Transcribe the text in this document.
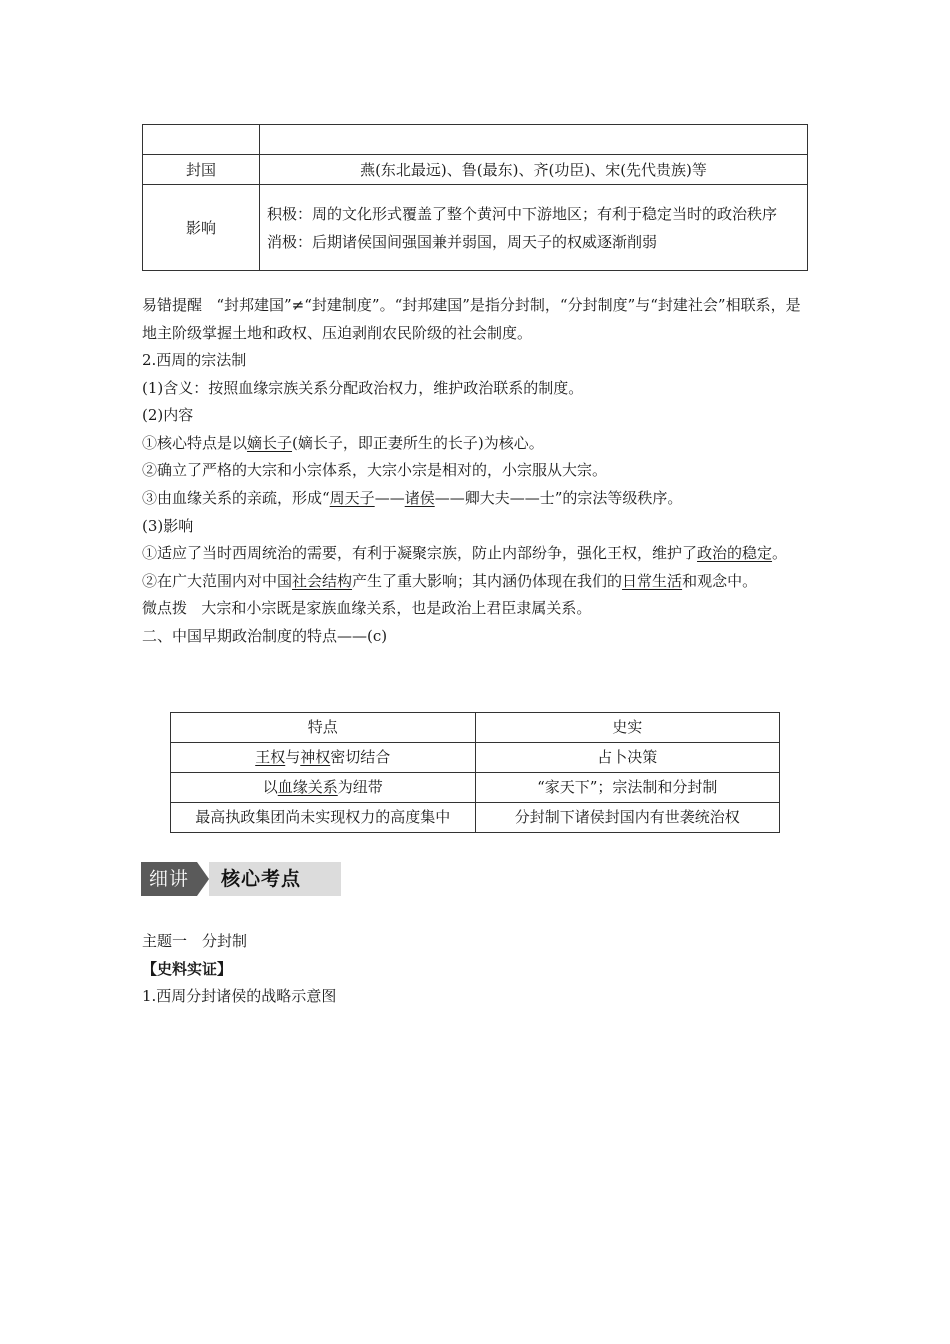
封国	燕(东北最远)、鲁(最东)、齐(功臣)、宋(先代贵族)等
影响	积极：周的文化形式覆盖了整个黄河中下游地区；有利于稳定当时的政治秩序
消极：后期诸侯国间强国兼并弱国，周天子的权威逐渐削弱
易错提醒 “封邦建国”≠“封建制度”。“封邦建国”是指分封制，“分封制度”与“封建社会”相联系，是地主阶级掌握土地和政权、压迫剥削农民阶级的社会制度。
2.西周的宗法制
(1)含义：按照血缘宗族关系分配政治权力，维护政治联系的制度。
(2)内容
①核心特点是以嫡长子(嫡长子，即正妻所生的长子)为核心。
②确立了严格的大宗和小宗体系，大宗小宗是相对的，小宗服从大宗。
③由血缘关系的亲疏，形成“周天子——诸侯——卿大夫——士”的宗法等级秩序。
(3)影响
①适应了当时西周统治的需要，有利于凝聚宗族，防止内部纷争，强化王权，维护了政治的稳定。
②在广大范围内对中国社会结构产生了重大影响；其内涵仍体现在我们的日常生活和观念中。
微点拨 大宗和小宗既是家族血缘关系，也是政治上君臣隶属关系。
二、中国早期政治制度的特点——(c)
特点	史实
王权与神权密切结合	占卜决策
以血缘关系为纽带	“家天下”；宗法制和分封制
最高执政集团尚未实现权力的高度集中	分封制下诸侯封国内有世袭统治权
细讲	核心考点
主题一　分封制
【史料实证】
1.西周分封诸侯的战略示意图
